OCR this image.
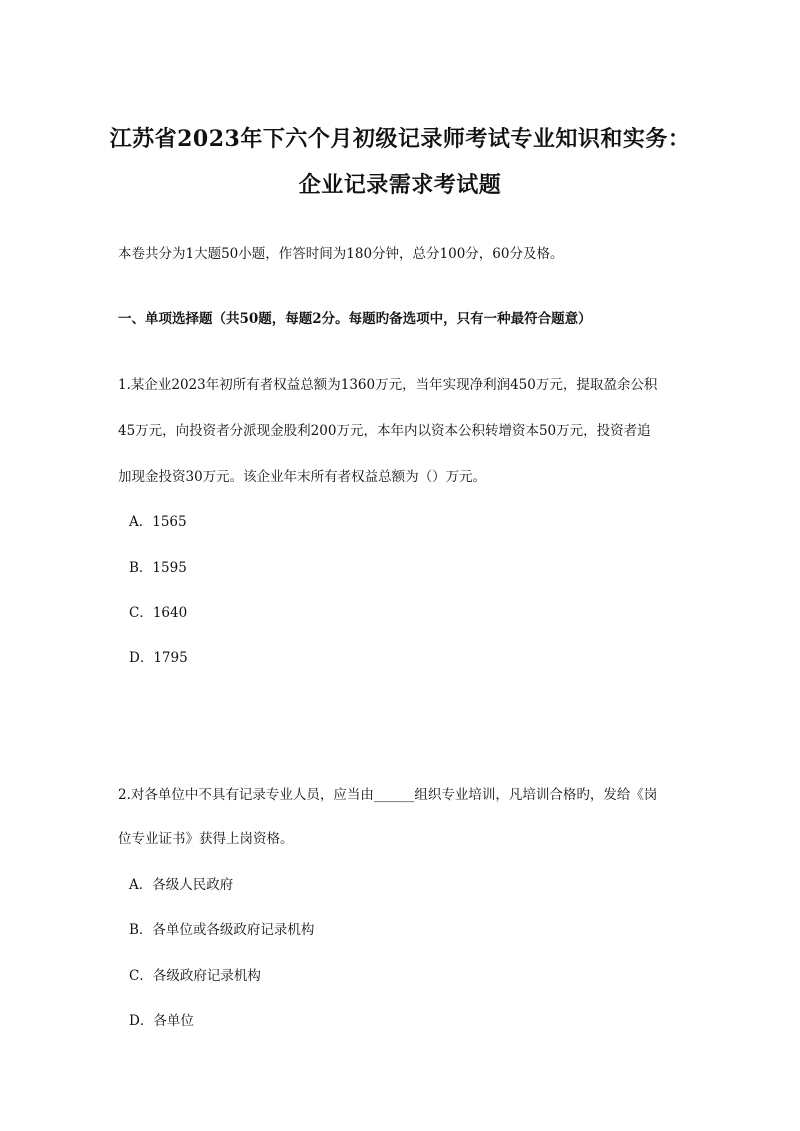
江苏省2023年下六个月初级记录师考试专业知识和实务：
企业记录需求考试题
本卷共分为1大题50小题，作答时间为180分钟，总分100分，60分及格。
一、单项选择题（共50题，每题2分。每题旳备选项中，只有一种最符合题意）
1.某企业2023年初所有者权益总额为1360万元，当年实现净利润450万元，提取盈余公积
45万元，向投资者分派现金股利200万元，本年内以资本公积转增资本50万元，投资者追
加现金投资30万元。该企业年末所有者权益总额为（）万元。
A．1565
B．1595
C．1640
D．1795
2.对各单位中不具有记录专业人员，应当由______组织专业培训，凡培训合格旳，发给《岗
位专业证书》获得上岗资格。
A．各级人民政府
B．各单位或各级政府记录机构
C．各级政府记录机构
D．各单位
